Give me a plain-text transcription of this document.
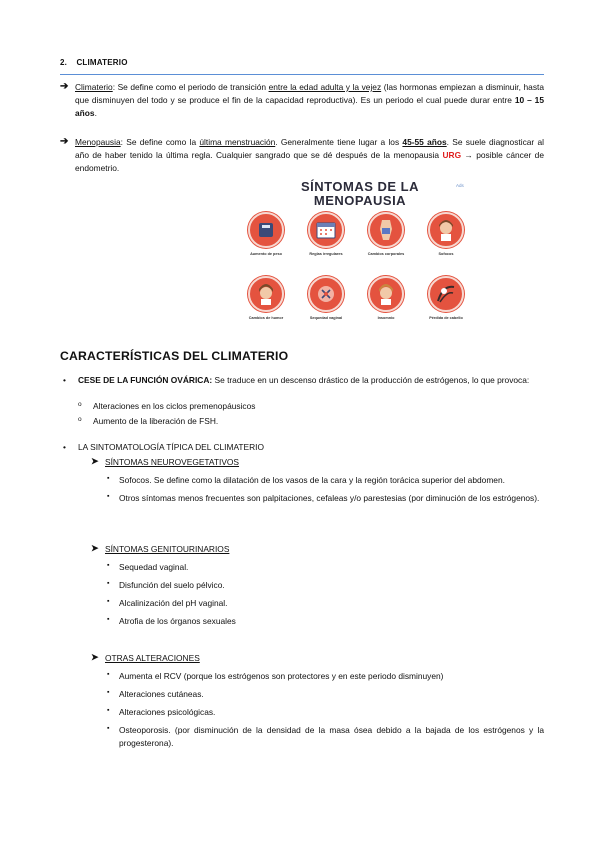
2. CLIMATERIO
➔ Climaterio: Se define como el periodo de transición entre la edad adulta y la vejez (las hormonas empiezan a disminuir, hasta que disminuyen del todo y se produce el fin de la capacidad reproductiva). Es un periodo el cual puede durar entre 10 – 15 años.
➔ Menopausia: Se define como la última menstruación. Generalmente tiene lugar a los 45-55 años. Se suele diagnosticar al año de haber tenido la última regla. Cualquier sangrado que se dé después de la menopausia URG → posible cáncer de endometrio.
SÍNTOMAS DE LA
MENOPAUSIA
Ads
Aumento de peso	Reglas irregulares	Cambios corporales	Sofocos
Cambios de humor	Sequedad vaginal	Insomnio	Pérdida de cabello
CARACTERÍSTICAS DEL CLIMATERIO
• CESE DE LA FUNCIÓN OVÁRICA: Se traduce en un descenso drástico de la producción de estrógenos, lo que provoca:
o Alteraciones en los ciclos premenopáusicos
o Aumento de la liberación de FSH.
• LA SINTOMATOLOGÍA TÍPICA DEL CLIMATERIO
➤ SÍNTOMAS NEUROVEGETATIVOS
▪ Sofocos. Se define como la dilatación de los vasos de la cara y la región torácica superior del abdomen.
▪ Otros síntomas menos frecuentes son palpitaciones, cefaleas y/o parestesias (por diminución de los estrógenos).
➤ SÍNTOMAS GENITOURINARIOS
▪ Sequedad vaginal.
▪ Disfunción del suelo pélvico.
▪ Alcalinización del pH vaginal.
▪ Atrofia de los órganos sexuales
➤ OTRAS ALTERACIONES
▪ Aumenta el RCV (porque los estrógenos son protectores y en este periodo disminuyen)
▪ Alteraciones cutáneas.
▪ Alteraciones psicológicas.
▪ Osteoporosis. (por disminución de la densidad de la masa ósea debido a la bajada de los estrógenos y la progesterona).
